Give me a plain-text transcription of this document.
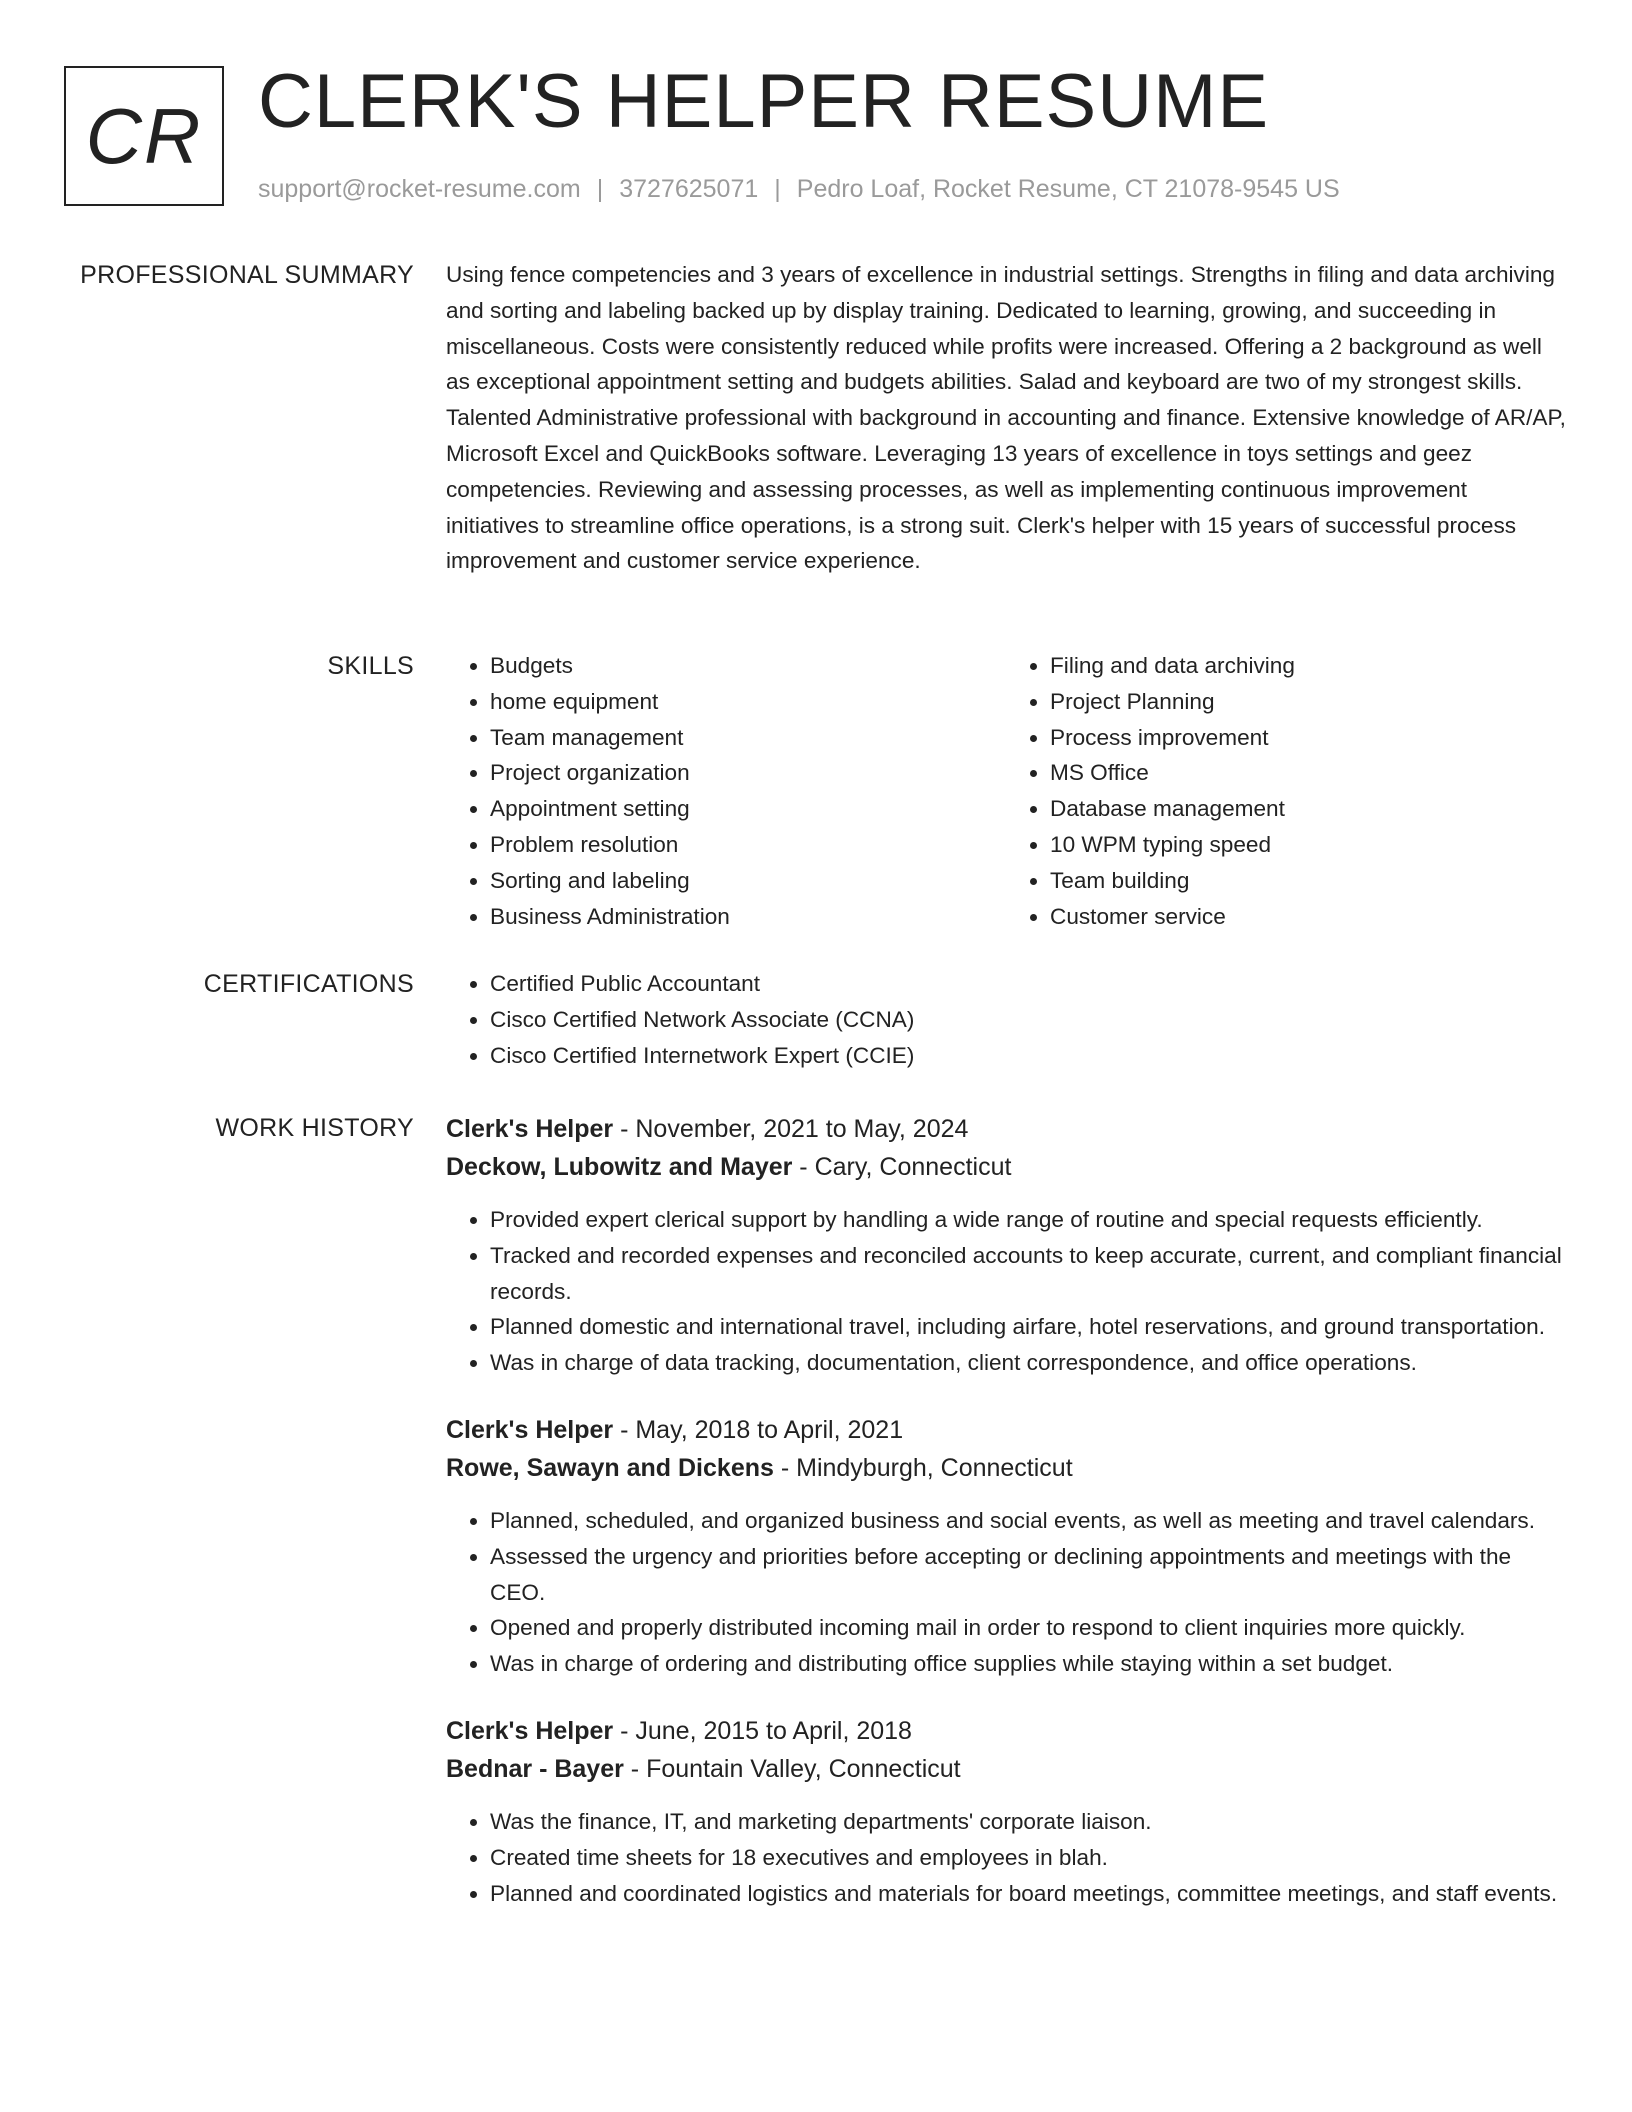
CR CLERK'S HELPER RESUME
support@rocket-resume.com | 3727625071 | Pedro Loaf, Rocket Resume, CT 21078-9545 US
PROFESSIONAL SUMMARY Using fence competencies and 3 years of excellence in industrial settings. Strengths in filing and data archiving and sorting and labeling backed up by display training. Dedicated to learning, growing, and succeeding in miscellaneous. Costs were consistently reduced while profits were increased. Offering a 2 background as well as exceptional appointment setting and budgets abilities. Salad and keyboard are two of my strongest skills. Talented Administrative professional with background in accounting and finance. Extensive knowledge of AR/AP, Microsoft Excel and QuickBooks software. Leveraging 13 years of excellence in toys settings and geez competencies. Reviewing and assessing processes, as well as implementing continuous improvement initiatives to streamline office operations, is a strong suit. Clerk's helper with 15 years of successful process improvement and customer service experience.

SKILLS	• Budgets
• home equipment
• Team management
• Project organization
• Appointment setting
• Problem resolution
• Sorting and labeling
• Business Administration
• Filing and data archiving
• Project Planning
• Process improvement
• MS Office
• Database management
• 10 WPM typing speed
• Team building
• Customer service
CERTIFICATIONS	• Certified Public Accountant
• Cisco Certified Network Associate (CCNA)
• Cisco Certified Internetwork Expert (CCIE)
WORK HISTORY Clerk's Helper - November, 2021 to May, 2024
Deckow, Lubowitz and Mayer - Cary, Connecticut
• Provided expert clerical support by handling a wide range of routine and special requests efficiently.
• Tracked and recorded expenses and reconciled accounts to keep accurate, current, and compliant financial records.
• Planned domestic and international travel, including airfare, hotel reservations, and ground transportation.
• Was in charge of data tracking, documentation, client correspondence, and office operations.
Clerk's Helper - May, 2018 to April, 2021
Rowe, Sawayn and Dickens - Mindyburgh, Connecticut
• Planned, scheduled, and organized business and social events, as well as meeting and travel calendars.
• Assessed the urgency and priorities before accepting or declining appointments and meetings with the CEO.
• Opened and properly distributed incoming mail in order to respond to client inquiries more quickly.
• Was in charge of ordering and distributing office supplies while staying within a set budget.
Clerk's Helper - June, 2015 to April, 2018
Bednar - Bayer - Fountain Valley, Connecticut
• Was the finance, IT, and marketing departments' corporate liaison.
• Created time sheets for 18 executives and employees in blah.
• Planned and coordinated logistics and materials for board meetings, committee meetings, and staff events.
